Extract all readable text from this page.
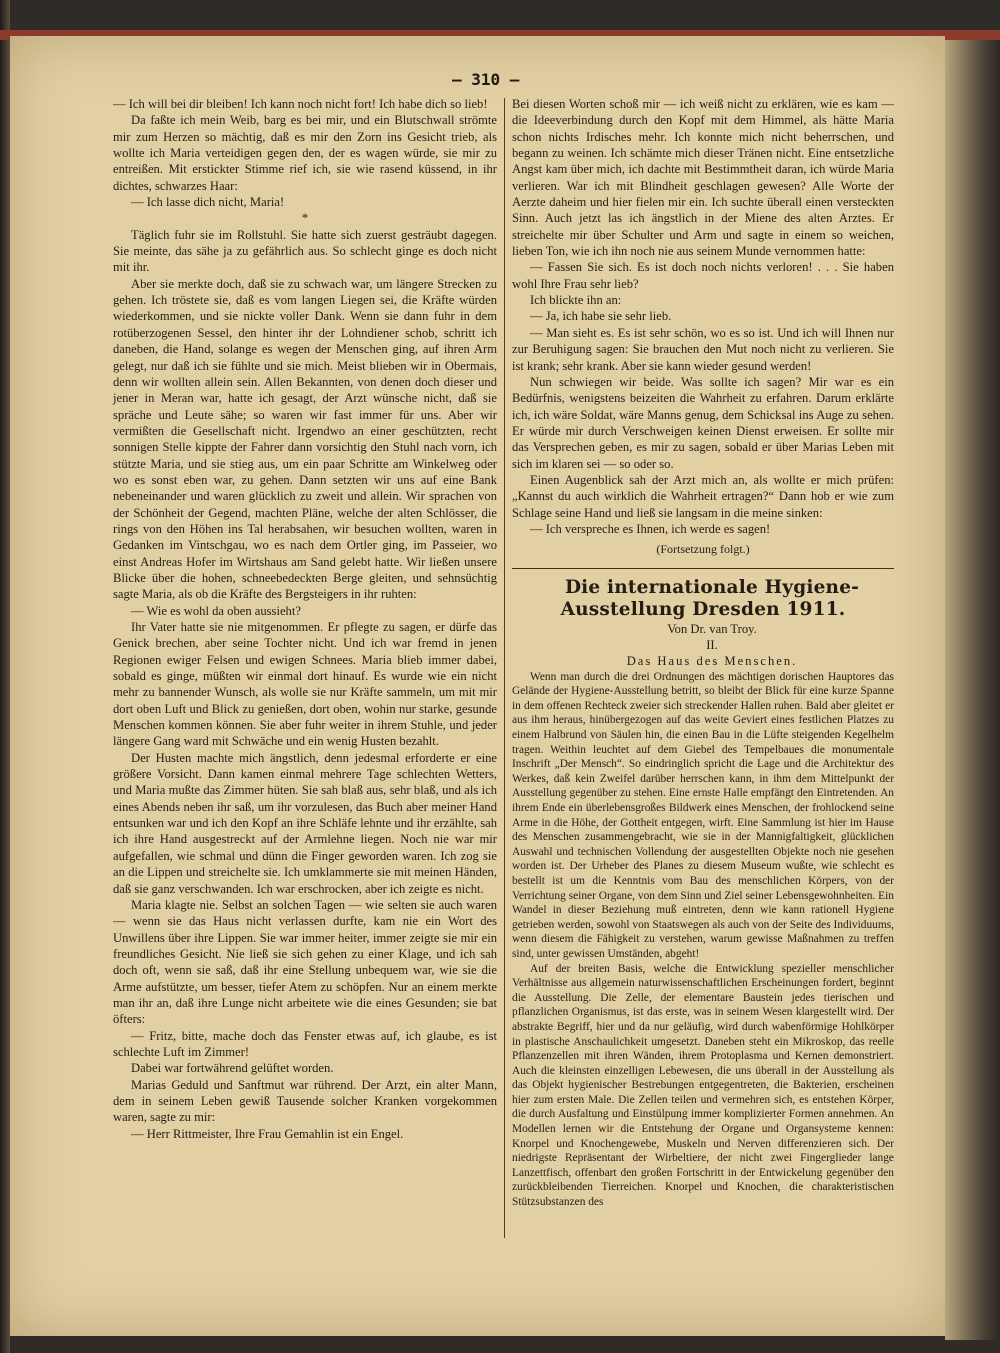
— 310 —

— Ich will bei dir bleiben! Ich kann noch nicht fort! Ich habe dich so lieb!

Da faßte ich mein Weib, barg es bei mir, und ein Blutschwall strömte mir zum Herzen so mächtig, daß es mir den Zorn ins Gesicht trieb, als wollte ich Maria verteidigen gegen den, der es wagen würde, sie mir zu entreißen. Mit erstickter Stimme rief ich, sie wie rasend küssend, in ihr dichtes, schwarzes Haar:

— Ich lasse dich nicht, Maria!

*

Täglich fuhr sie im Rollstuhl. Sie hatte sich zuerst gesträubt dagegen. Sie meinte, das sähe ja zu gefährlich aus. So schlecht ginge es doch nicht mit ihr.

Aber sie merkte doch, daß sie zu schwach war, um längere Strecken zu gehen. Ich tröstete sie, daß es vom langen Liegen sei, die Kräfte würden wiederkommen, und sie nickte voller Dank. Wenn sie dann fuhr in dem rotüberzogenen Sessel, den hinter ihr der Lohndiener schob, schritt ich daneben, die Hand, solange es wegen der Menschen ging, auf ihren Arm gelegt, nur daß ich sie fühlte und sie mich. Meist blieben wir in Obermais, denn wir wollten allein sein. Allen Bekannten, von denen doch dieser und jener in Meran war, hatte ich gesagt, der Arzt wünsche nicht, daß sie spräche und Leute sähe; so waren wir fast immer für uns. Aber wir vermißten die Gesellschaft nicht. Irgendwo an einer geschützten, recht sonnigen Stelle kippte der Fahrer dann vorsichtig den Stuhl nach vorn, ich stützte Maria, und sie stieg aus, um ein paar Schritte am Winkelweg oder wo es sonst eben war, zu gehen. Dann setzten wir uns auf eine Bank nebeneinander und waren glücklich zu zweit und allein. Wir sprachen von der Schönheit der Gegend, machten Pläne, welche der alten Schlösser, die rings von den Höhen ins Tal herabsahen, wir besuchen wollten, waren in Gedanken im Vintschgau, wo es nach dem Ortler ging, im Passeier, wo einst Andreas Hofer im Wirtshaus am Sand gelebt hatte. Wir ließen unsere Blicke über die hohen, schneebedeckten Berge gleiten, und sehnsüchtig sagte Maria, als ob die Kräfte des Bergsteigers in ihr ruhten:

— Wie es wohl da oben aussieht?

Ihr Vater hatte sie nie mitgenommen. Er pflegte zu sagen, er dürfe das Genick brechen, aber seine Tochter nicht. Und ich war fremd in jenen Regionen ewiger Felsen und ewigen Schnees. Maria blieb immer dabei, sobald es ginge, müßten wir einmal dort hinauf. Es wurde wie ein nicht mehr zu bannender Wunsch, als wolle sie nur Kräfte sammeln, um mit mir dort oben Luft und Blick zu genießen, dort oben, wohin nur starke, gesunde Menschen kommen können. Sie aber fuhr weiter in ihrem Stuhle, und jeder längere Gang ward mit Schwäche und ein wenig Husten bezahlt.

Der Husten machte mich ängstlich, denn jedesmal erforderte er eine größere Vorsicht. Dann kamen einmal mehrere Tage schlechten Wetters, und Maria mußte das Zimmer hüten. Sie sah blaß aus, sehr blaß, und als ich eines Abends neben ihr saß, um ihr vorzulesen, das Buch aber meiner Hand entsunken war und ich den Kopf an ihre Schläfe lehnte und ihr erzählte, sah ich ihre Hand ausgestreckt auf der Armlehne liegen. Noch nie war mir aufgefallen, wie schmal und dünn die Finger geworden waren. Ich zog sie an die Lippen und streichelte sie. Ich umklammerte sie mit meinen Händen, daß sie ganz verschwanden. Ich war erschrocken, aber ich zeigte es nicht.

Maria klagte nie. Selbst an solchen Tagen — wie selten sie auch waren — wenn sie das Haus nicht verlassen durfte, kam nie ein Wort des Unwillens über ihre Lippen. Sie war immer heiter, immer zeigte sie mir ein freundliches Gesicht. Nie ließ sie sich gehen zu einer Klage, und ich sah doch oft, wenn sie saß, daß ihr eine Stellung unbequem war, wie sie die Arme aufstützte, um besser, tiefer Atem zu schöpfen. Nur an einem merkte man ihr an, daß ihre Lunge nicht arbeitete wie die eines Gesunden; sie bat öfters:

— Fritz, bitte, mache doch das Fenster etwas auf, ich glaube, es ist schlechte Luft im Zimmer!

Dabei war fortwährend gelüftet worden.

Marias Geduld und Sanftmut war rührend. Der Arzt, ein alter Mann, dem in seinem Leben gewiß Tausende solcher Kranken vorgekommen waren, sagte zu mir:

— Herr Rittmeister, Ihre Frau Gemahlin ist ein Engel.

Bei diesen Worten schoß mir — ich weiß nicht zu erklären, wie es kam — die Ideeverbindung durch den Kopf mit dem Himmel, als hätte Maria schon nichts Irdisches mehr. Ich konnte mich nicht beherrschen, und begann zu weinen. Ich schämte mich dieser Tränen nicht. Eine entsetzliche Angst kam über mich, ich dachte mit Bestimmtheit daran, ich würde Maria verlieren. War ich mit Blindheit geschlagen gewesen? Alle Worte der Aerzte daheim und hier fielen mir ein. Ich suchte überall einen versteckten Sinn. Auch jetzt las ich ängstlich in der Miene des alten Arztes. Er streichelte mir über Schulter und Arm und sagte in einem so weichen, lieben Ton, wie ich ihn noch nie aus seinem Munde vernommen hatte:

— Fassen Sie sich. Es ist doch noch nichts verloren! . . . Sie haben wohl Ihre Frau sehr lieb?

Ich blickte ihn an:

— Ja, ich habe sie sehr lieb.

— Man sieht es. Es ist sehr schön, wo es so ist. Und ich will Ihnen nur zur Beruhigung sagen: Sie brauchen den Mut noch nicht zu verlieren. Sie ist krank; sehr krank. Aber sie kann wieder gesund werden!

Nun schwiegen wir beide. Was sollte ich sagen? Mir war es ein Bedürfnis, wenigstens beizeiten die Wahrheit zu erfahren. Darum erklärte ich, ich wäre Soldat, wäre Manns genug, dem Schicksal ins Auge zu sehen. Er würde mir durch Verschweigen keinen Dienst erweisen. Er sollte mir das Versprechen geben, es mir zu sagen, sobald er über Marias Leben mit sich im klaren sei — so oder so.

Einen Augenblick sah der Arzt mich an, als wollte er mich prüfen: „Kannst du auch wirklich die Wahrheit ertragen?“ Dann hob er wie zum Schlage seine Hand und ließ sie langsam in die meine sinken:

— Ich verspreche es Ihnen, ich werde es sagen!

(Fortsetzung folgt.)

Die internationale Hygiene-Ausstellung Dresden 1911.

Von Dr. van Troy.

II.

Das Haus des Menschen.

Wenn man durch die drei Ordnungen des mächtigen dorischen Hauptores das Gelände der Hygiene-Ausstellung betritt, so bleibt der Blick für eine kurze Spanne in dem offenen Rechteck zweier sich streckender Hallen ruhen. Bald aber gleitet er aus ihm heraus, hinübergezogen auf das weite Geviert eines festlichen Platzes zu einem Halbrund von Säulen hin, die einen Bau in die Lüfte steigenden Kegelhelm tragen. Weithin leuchtet auf dem Giebel des Tempelbaues die monumentale Inschrift „Der Mensch“. So eindringlich spricht die Lage und die Architektur des Werkes, daß kein Zweifel darüber herrschen kann, in ihm dem Mittelpunkt der Ausstellung gegenüber zu stehen. Eine ernste Halle empfängt den Eintretenden. An ihrem Ende ein überlebensgroßes Bildwerk eines Menschen, der frohlockend seine Arme in die Höhe, der Gottheit entgegen, wirft. Eine Sammlung ist hier im Hause des Menschen zusammengebracht, wie sie in der Mannigfaltigkeit, glücklichen Auswahl und technischen Vollendung der ausgestellten Objekte noch nie gesehen worden ist. Der Urheber des Planes zu diesem Museum wußte, wie schlecht es bestellt ist um die Kenntnis vom Bau des menschlichen Körpers, von der Verrichtung seiner Organe, von dem Sinn und Ziel seiner Lebensgewohnheiten. Ein Wandel in dieser Beziehung muß eintreten, denn wie kann rationell Hygiene getrieben werden, sowohl von Staatswegen als auch von der Seite des Individuums, wenn diesem die Fähigkeit zu verstehen, warum gewisse Maßnahmen zu treffen sind, unter gewissen Umständen, abgeht!

Auf der breiten Basis, welche die Entwicklung spezieller menschlicher Verhältnisse aus allgemein naturwissenschaftlichen Erscheinungen fordert, beginnt die Ausstellung. Die Zelle, der elementare Baustein jedes tierischen und pflanzlichen Organismus, ist das erste, was in seinem Wesen klargestellt wird. Der abstrakte Begriff, hier und da nur geläufig, wird durch wabenförmige Hohlkörper in plastische Anschaulichkeit umgesetzt. Daneben steht ein Mikroskop, das reelle Pflanzenzellen mit ihren Wänden, ihrem Protoplasma und Kernen demonstriert. Auch die kleinsten einzelligen Lebewesen, die uns überall in der Ausstellung als das Objekt hygienischer Bestrebungen entgegentreten, die Bakterien, erscheinen hier zum ersten Male. Die Zellen teilen und vermehren sich, es entstehen Körper, die durch Ausfaltung und Einstülpung immer komplizierter Formen annehmen. An Modellen lernen wir die Entstehung der Organe und Organsysteme kennen: Knorpel und Knochengewebe, Muskeln und Nerven differenzieren sich. Der niedrigste Repräsentant der Wirbeltiere, der nicht zwei Fingerglieder lange Lanzettfisch, offenbart den großen Fortschritt in der Entwickelung gegenüber den zurückbleibenden Tierreichen. Knorpel und Knochen, die charakteristischen Stützsubstanzen des
